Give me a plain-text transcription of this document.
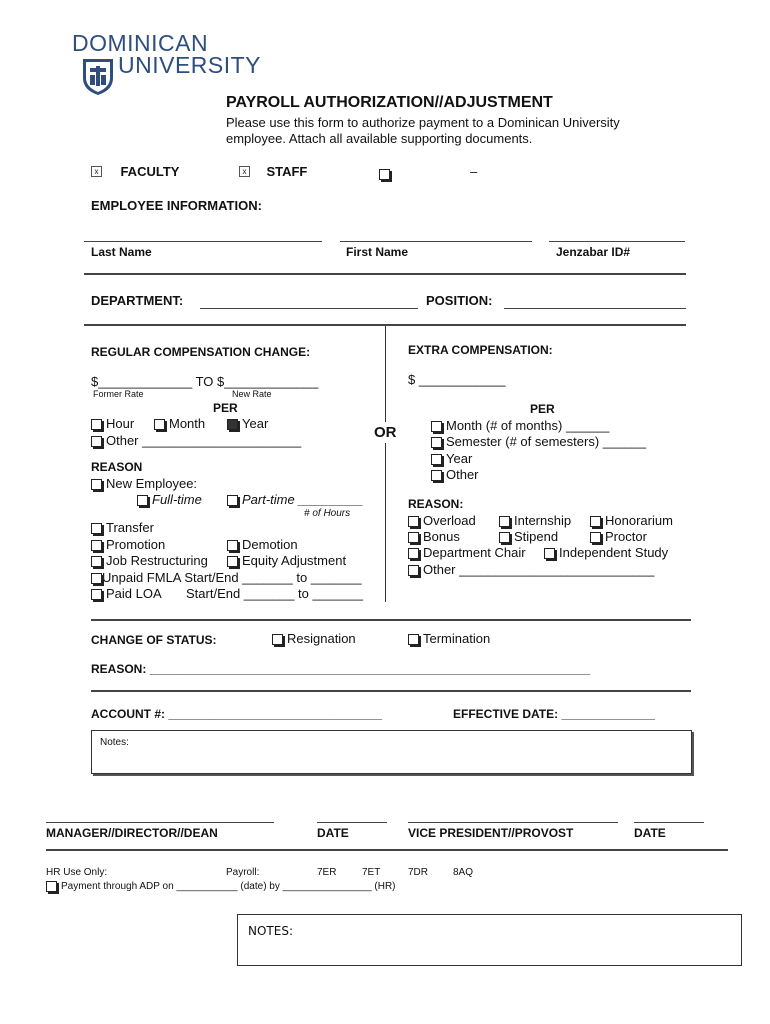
DOMINICAN
UNIVERSITY
PAYROLL AUTHORIZATION//ADJUSTMENT
Please use this form to authorize payment to a Dominican University
employee. Attach all available supporting documents.
x FACULTY	x STAFF	–
EMPLOYEE INFORMATION:
Last Name	First Name	Jenzabar ID#
DEPARTMENT:	POSITION:
REGULAR COMPENSATION CHANGE:
$_____________ TO $_____________
Former Rate	New Rate
PER
Hour	Month	Year
Other ______________________
REASON
New Employee:
Full-time	Part-time _________
# of Hours
Transfer
Promotion	Demotion
Job Restructuring	Equity Adjustment
Unpaid FMLA Start/End _______ to _______
Paid LOA Start/End _______ to _______
OR
EXTRA COMPENSATION:
$ ____________
PER
Month (# of months) ______
Semester (# of semesters) ______
Year
Other
REASON:
Overload	Internship	Honorarium
Bonus	Stipend	Proctor
Department Chair	Independent Study
Other ___________________________
CHANGE OF STATUS:	Resignation	Termination
REASON: __________________________________________________________________
ACCOUNT #: ________________________________	EFFECTIVE DATE: ______________
Notes:
MANAGER//DIRECTOR//DEAN	DATE	VICE PRESIDENT//PROVOST	DATE
HR Use Only:	Payroll:	7ER	7ET	7DR 8AQ
Payment through ADP on ___________ (date) by ________________ (HR)
NOTES:
